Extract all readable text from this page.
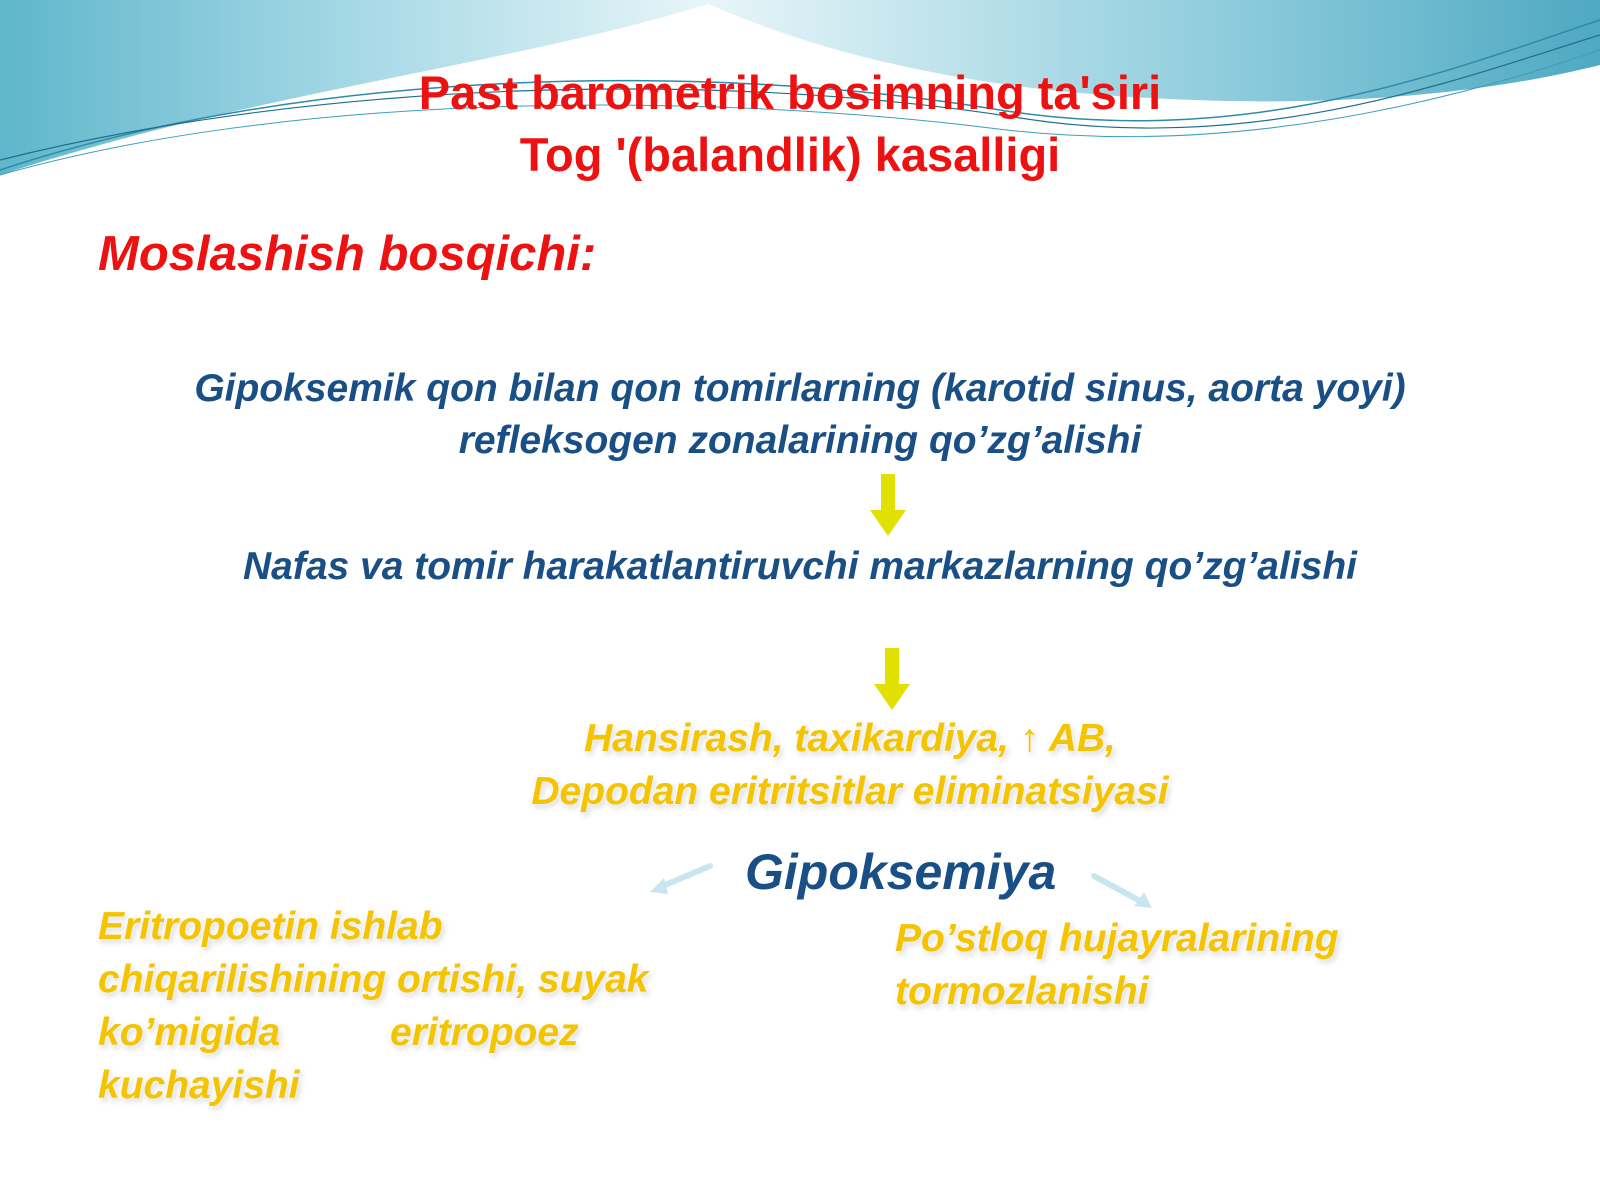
Past barometrik bosimning ta'siri
Tog '(balandlik) kasalligi
Moslashish bosqichi:
Gipoksemik qon bilan qon tomirlarning (karotid sinus, aorta yoyi)
refleksogen zonalarining qo’zg’alishi
Nafas va tomir harakatlantiruvchi markazlarning qo’zg’alishi
Hansirash, taxikardiya, ↑ AB,
Depodan eritritsitlar eliminatsiyasi
Gipoksemiya
Eritropoetin ishlab
chiqarilishining ortishi, suyak
ko’migida	eritropoez
kuchayishi
Po’stloq hujayralarining
tormozlanishi
